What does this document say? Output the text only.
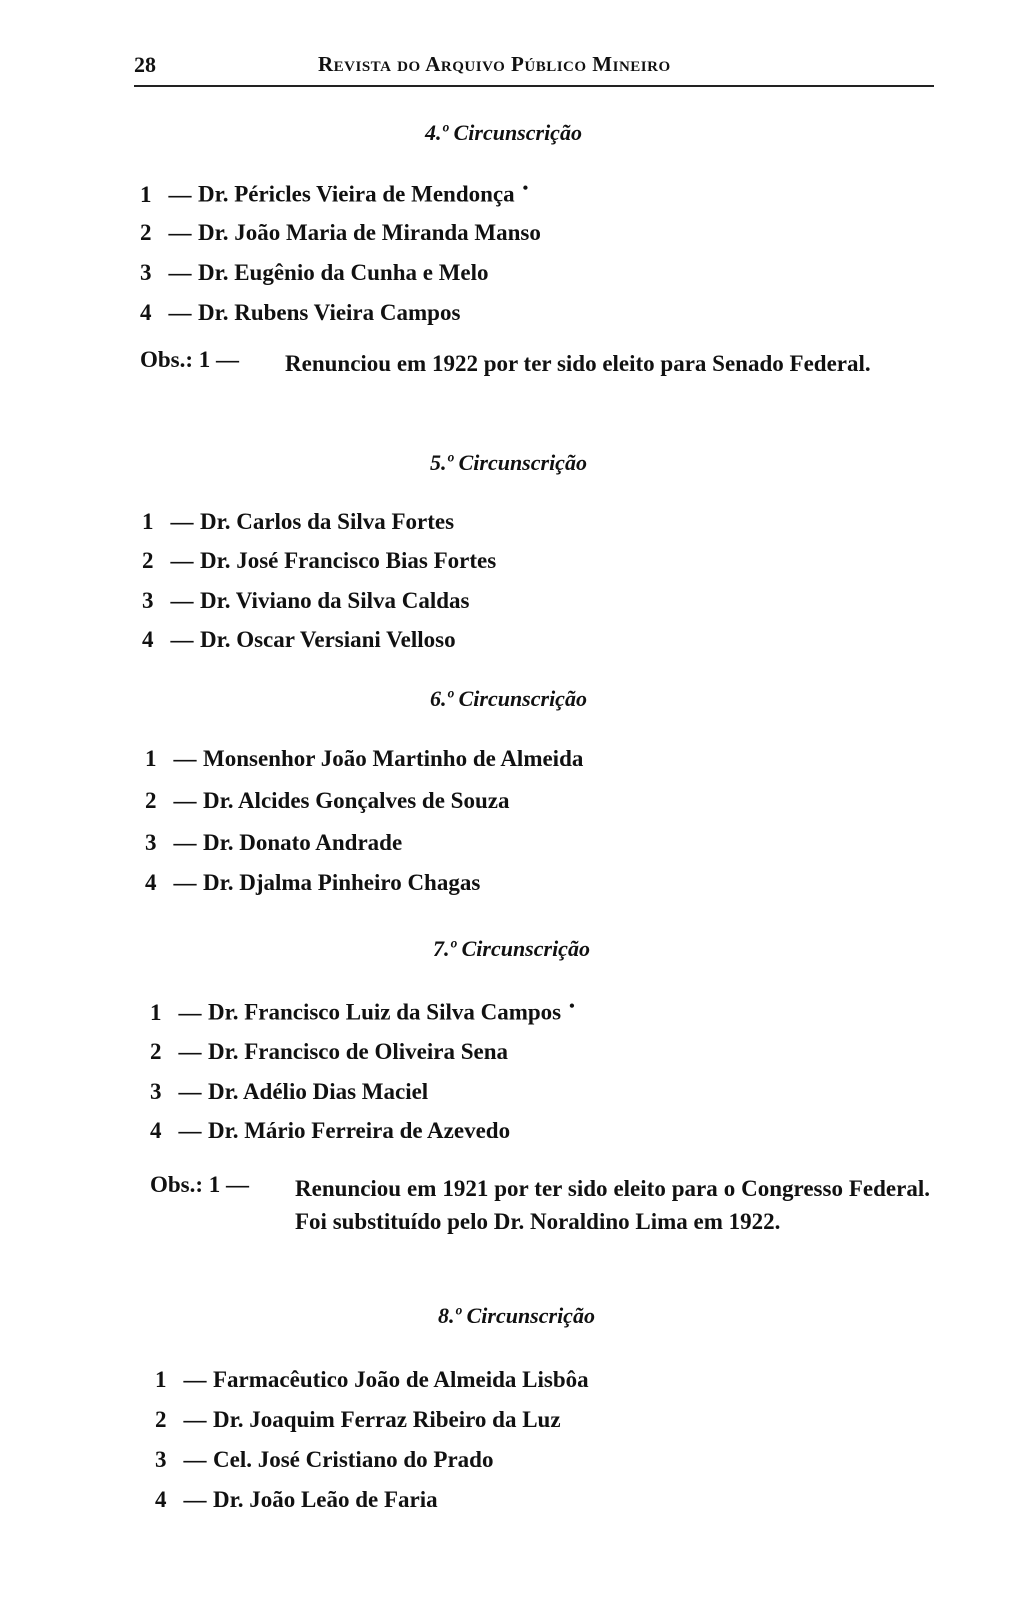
28	Revista do Arquivo Público Mineiro
4.º Circunscrição
1 — Dr. Péricles Vieira de Mendonça •
2 — Dr. João Maria de Miranda Manso
3 — Dr. Eugênio da Cunha e Melo
4 — Dr. Rubens Vieira Campos
Obs.: 1 — Renunciou em 1922 por ter sido eleito para Senado Federal.
5.º Circunscrição
1 — Dr. Carlos da Silva Fortes
2 — Dr. José Francisco Bias Fortes
3 — Dr. Viviano da Silva Caldas
4 — Dr. Oscar Versiani Velloso
6.º Circunscrição
1 — Monsenhor João Martinho de Almeida
2 — Dr. Alcides Gonçalves de Souza
3 — Dr. Donato Andrade
4 — Dr. Djalma Pinheiro Chagas
7.º Circunscrição
1 — Dr. Francisco Luiz da Silva Campos •
2 — Dr. Francisco de Oliveira Sena
3 — Dr. Adélio Dias Maciel
4 — Dr. Mário Ferreira de Azevedo
Obs.: 1 — Renunciou em 1921 por ter sido eleito para o Congresso Federal. Foi substituído pelo Dr. Noraldino Lima em 1922.
8.º Circunscrição
1 — Farmacêutico João de Almeida Lisbôa
2 — Dr. Joaquim Ferraz Ribeiro da Luz
3 — Cel. José Cristiano do Prado
4 — Dr. João Leão de Faria
